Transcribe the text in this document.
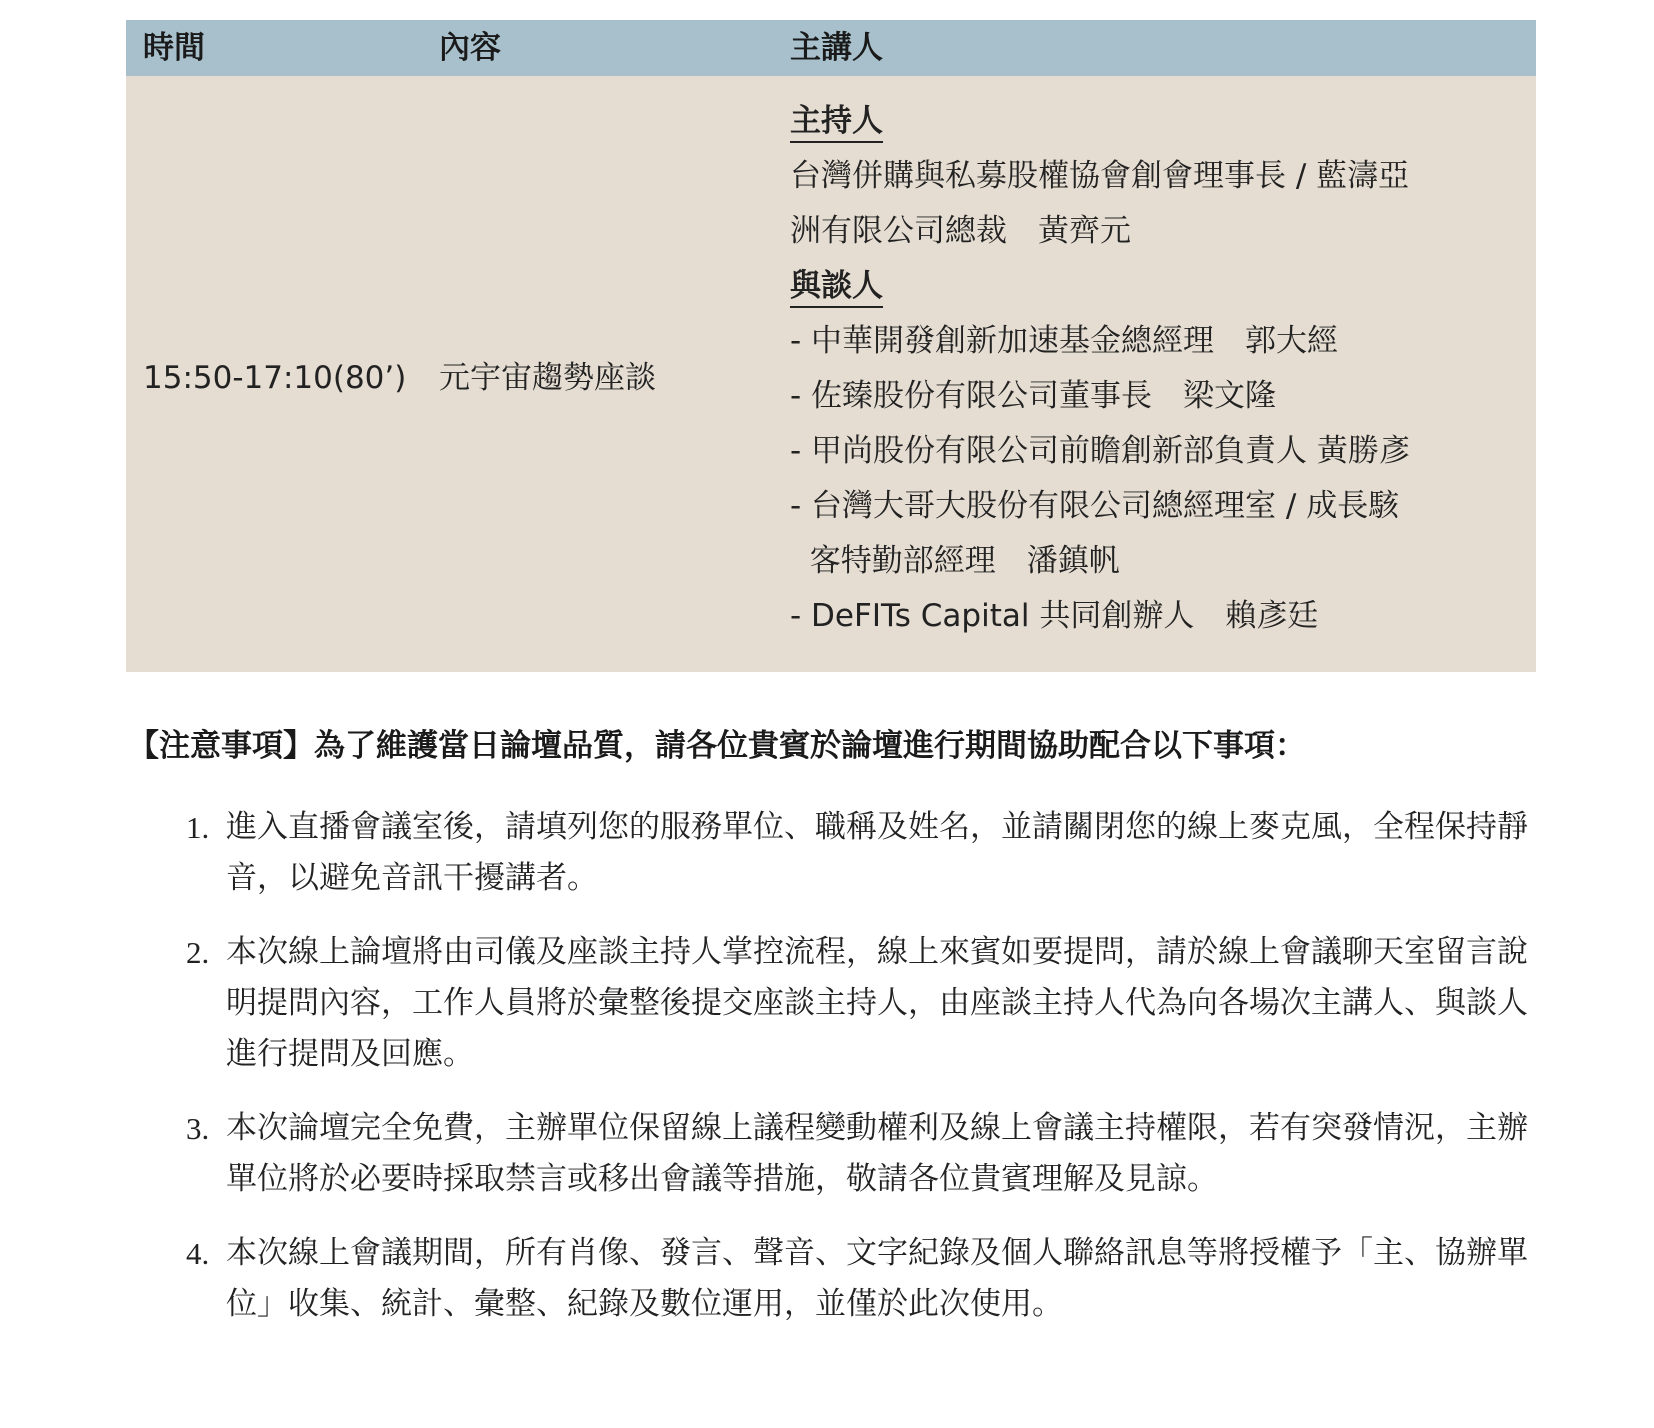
時間	內容	主講人
15:50-17:10(80’) 元宇宙趨勢座談
主持人
台灣併購與私募股權協會創會理事長 / 藍濤亞
洲有限公司總裁　黃齊元
與談人
- 中華開發創新加速基金總經理　郭大經
- 佐臻股份有限公司董事長　梁文隆
- 甲尚股份有限公司前瞻創新部負責人 黃勝彥
- 台灣大哥大股份有限公司總經理室 / 成長駭
客特勤部經理　潘鎮帆
- DeFITs Capital 共同創辦人　賴彥廷
【注意事項】為了維護當日論壇品質，請各位貴賓於論壇進行期間協助配合以下事項：
1. 進入直播會議室後，請填列您的服務單位、職稱及姓名，並請關閉您的線上麥克風，全程保持靜音，以避免音訊干擾講者。
2. 本次線上論壇將由司儀及座談主持人掌控流程，線上來賓如要提問，請於線上會議聊天室留言說明提問內容，工作人員將於彙整後提交座談主持人，由座談主持人代為向各場次主講人、與談人進行提問及回應。
3. 本次論壇完全免費，主辦單位保留線上議程變動權利及線上會議主持權限，若有突發情況，主辦單位將於必要時採取禁言或移出會議等措施，敬請各位貴賓理解及見諒。
4. 本次線上會議期間，所有肖像、發言、聲音、文字紀錄及個人聯絡訊息等將授權予「主、協辦單位」收集、統計、彙整、紀錄及數位運用，並僅於此次使用。
